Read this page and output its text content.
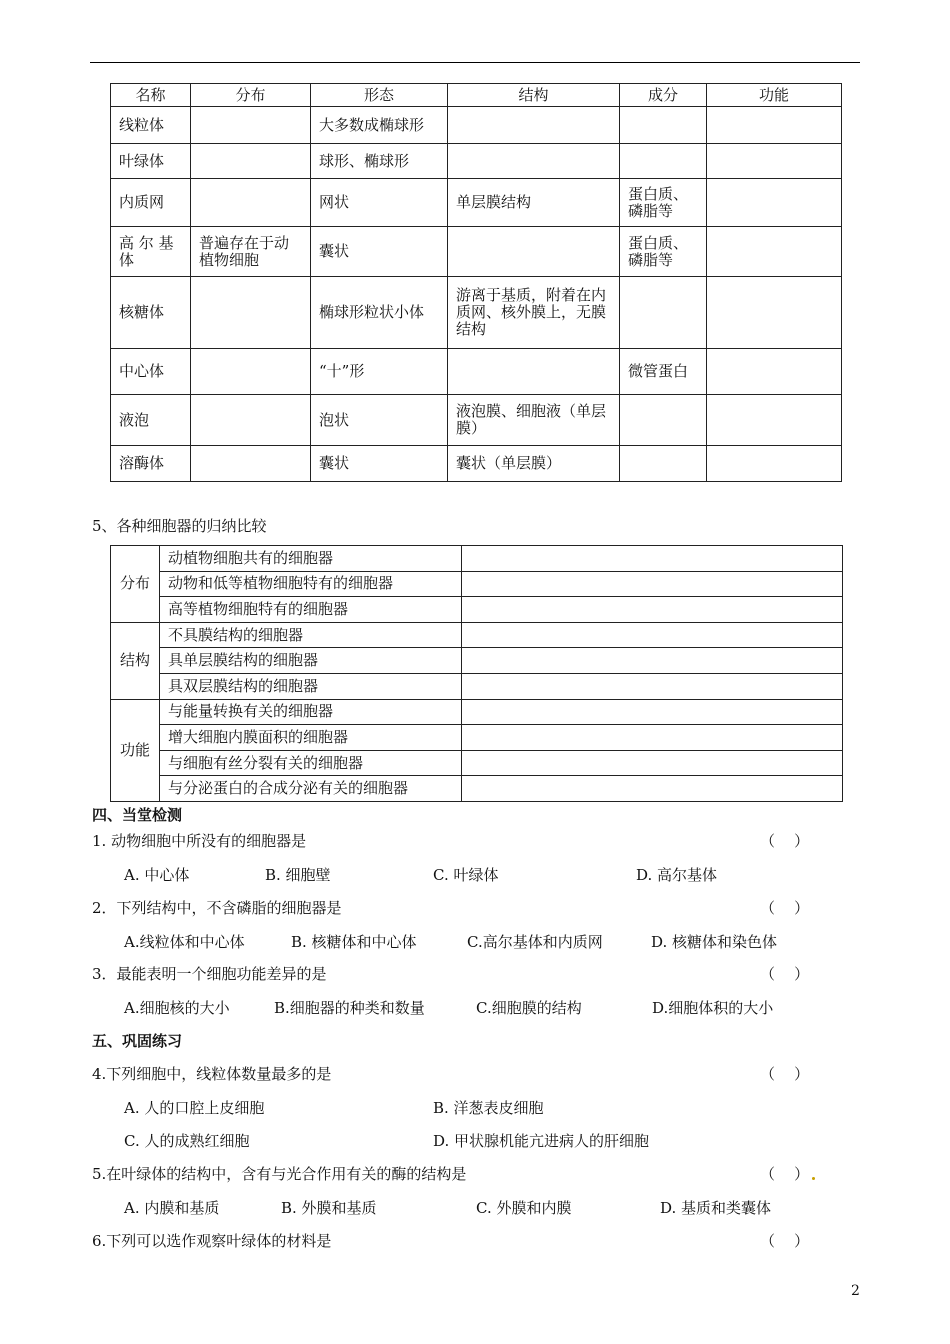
名称	分布	形态	结构	成分	功能
线粒体		大多数成椭球形			
叶绿体		球形、椭球形			
内质网		网状	单层膜结构	蛋白质、磷脂等	
高 尔 基 体	普遍存在于动植物细胞	囊状		蛋白质、磷脂等	
核糖体		椭球形粒状小体	游离于基质，附着在内质网、核外膜上，无膜结构		
中心体		“十”形		微管蛋白	
液泡		泡状	液泡膜、细胞液（单层膜）		
溶酶体		囊状	囊状（单层膜）		
5、各种细胞器的归纳比较
分布	动植物细胞共有的细胞器	
	动物和低等植物细胞特有的细胞器	
	高等植物细胞特有的细胞器	
结构	不具膜结构的细胞器	
	具单层膜结构的细胞器	
	具双层膜结构的细胞器	
功能	与能量转换有关的细胞器	
	增大细胞内膜面积的细胞器	
	与细胞有丝分裂有关的细胞器	
	与分泌蛋白的合成分泌有关的细胞器	
四、当堂检测
1. 动物细胞中所没有的细胞器是	（    ）
A. 中心体	B. 细胞壁	C. 叶绿体	D. 高尔基体
2．下列结构中，不含磷脂的细胞器是	（    ）
A.线粒体和中心体	B. 核糖体和中心体	C.高尔基体和内质网	D. 核糖体和染色体
3．最能表明一个细胞功能差异的是	（    ）
A.细胞核的大小	B.细胞器的种类和数量	C.细胞膜的结构	D.细胞体积的大小
五、巩固练习
4.下列细胞中，线粒体数量最多的是	（    ）
A. 人的口腔上皮细胞	B. 洋葱表皮细胞
C. 人的成熟红细胞	D. 甲状腺机能亢进病人的肝细胞
5.在叶绿体的结构中，含有与光合作用有关的酶的结构是	（    ）
A. 内膜和基质	B. 外膜和基质	C. 外膜和内膜	D. 基质和类囊体
6.下列可以选作观察叶绿体的材料是	（    ）
2
